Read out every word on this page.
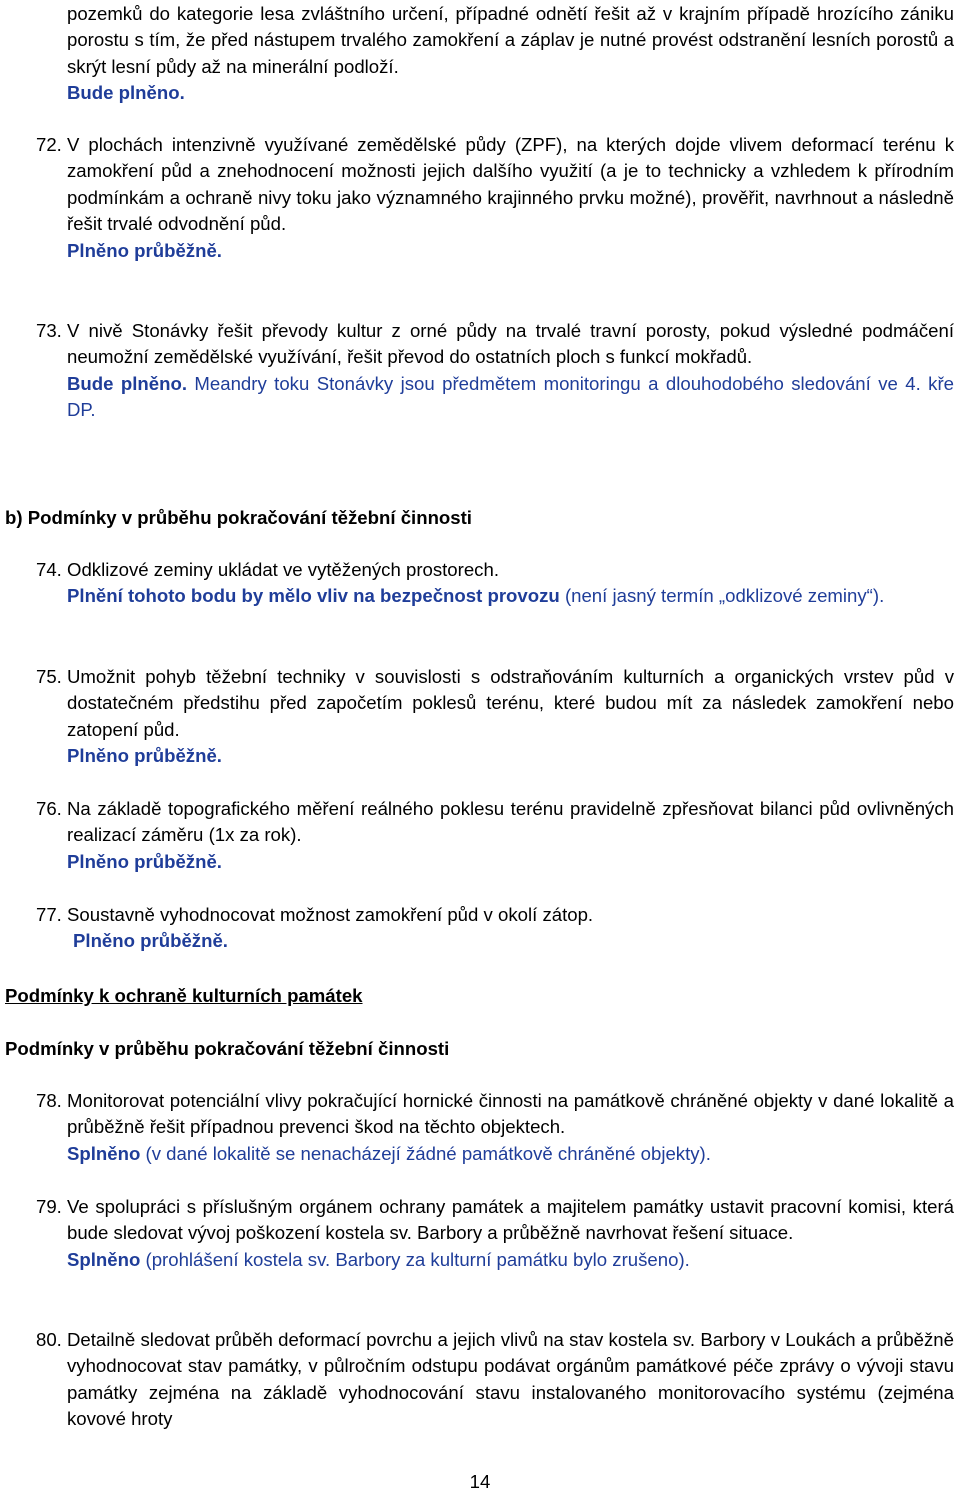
pozemků do kategorie lesa zvláštního určení, případné odnětí řešit až v krajním případě hrozícího zániku porostu s tím, že před nástupem trvalého zamokření a záplav je nutné provést odstranění lesních porostů a skrýt lesní půdy až na minerální podloží.

Bude plněno.
72. V plochách intenzivně využívané zemědělské půdy (ZPF), na kterých dojde vlivem deformací terénu k zamokření půd a znehodnocení možnosti jejich dalšího využití (a je to technicky a vzhledem k přírodním podmínkám a ochraně nivy toku jako významného krajinného prvku možné), prověřit, navrhnout a následně řešit trvalé odvodnění půd.
Plněno průběžně.
73. V nivě Stonávky řešit převody kultur z orné půdy na trvalé travní porosty, pokud výsledné podmáčení neumožní zemědělské využívání, řešit převod do ostatních ploch s funkcí mokřadů.
Bude plněno. Meandry toku Stonávky jsou předmětem monitoringu a dlouhodobého sledování ve 4. kře DP.
b) Podmínky v průběhu pokračování těžební činnosti
74. Odklizové zeminy ukládat ve vytěžených prostorech.
Plnění tohoto bodu by mělo vliv na bezpečnost provozu (není jasný termín „odklizové zeminy“).
75. Umožnit pohyb těžební techniky v souvislosti s odstraňováním kulturních a organických vrstev půd v dostatečném předstihu před započetím poklesů terénu, které budou mít za následek zamokření nebo zatopení půd.
Plněno průběžně.
76. Na základě topografického měření reálného poklesu terénu pravidelně zpřesňovat bilanci půd ovlivněných realizací záměru (1x za rok).
Plněno průběžně.
77. Soustavně vyhodnocovat možnost zamokření půd v okolí zátop.
Plněno průběžně.
Podmínky k ochraně kulturních památek
Podmínky v průběhu pokračování těžební činnosti
78. Monitorovat potenciální vlivy pokračující hornické činnosti na památkově chráněné objekty v dané lokalitě a průběžně řešit případnou prevenci škod na těchto objektech.
Splněno (v dané lokalitě se nenacházejí žádné památkově chráněné objekty).
79. Ve spolupráci s příslušným orgánem ochrany památek a majitelem památky ustavit pracovní komisi, která bude sledovat vývoj poškození kostela sv. Barbory a průběžně navrhovat řešení situace.
Splněno (prohlášení kostela sv. Barbory za kulturní památku bylo zrušeno).
80. Detailně sledovat průběh deformací povrchu a jejich vlivů na stav kostela sv. Barbory v Loukách a průběžně vyhodnocovat stav památky, v půlročním odstupu podávat orgánům památkové péče zprávy o vývoji stavu památky zejména na základě vyhodnocování stavu instalovaného monitorovacího systému (zejména kovové hroty
14
